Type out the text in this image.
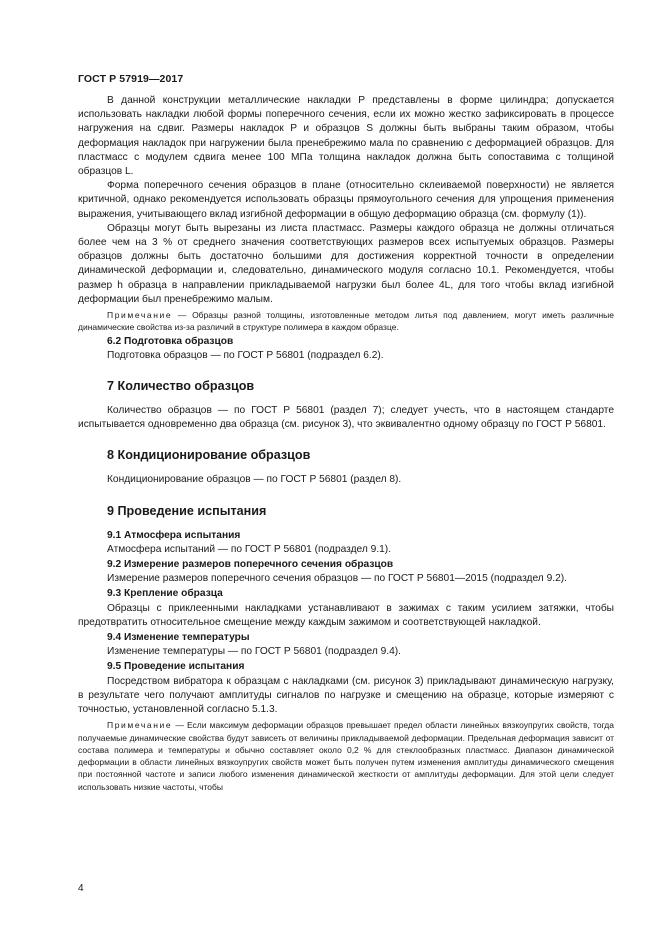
ГОСТ Р 57919—2017

В данной конструкции металлические накладки P представлены в форме цилиндра; допускается использовать накладки любой формы поперечного сечения, если их можно жестко зафиксировать в процессе нагружения на сдвиг. Размеры накладок P и образцов S должны быть выбраны таким образом, чтобы деформация накладок при нагружении была пренебрежимо мала по сравнению с деформацией образцов. Для пластмасс с модулем сдвига менее 100 МПа толщина накладок должна быть сопоставима с толщиной образцов L.

Форма поперечного сечения образцов в плане (относительно склеиваемой поверхности) не является критичной, однако рекомендуется использовать образцы прямоугольного сечения для упрощения применения выражения, учитывающего вклад изгибной деформации в общую деформацию образца (см. формулу (1)).

Образцы могут быть вырезаны из листа пластмасс. Размеры каждого образца не должны отличаться более чем на 3 % от среднего значения соответствующих размеров всех испытуемых образцов. Размеры образцов должны быть достаточно большими для достижения корректной точности в определении динамической деформации и, следовательно, динамического модуля согласно 10.1. Рекомендуется, чтобы размер h образца в направлении прикладываемой нагрузки был более 4L, для того чтобы вклад изгибной деформации был пренебрежимо малым.

Примечание — Образцы разной толщины, изготовленные методом литья под давлением, могут иметь различные динамические свойства из-за различий в структуре полимера в каждом образце.

6.2 Подготовка образцов

Подготовка образцов — по ГОСТ Р 56801 (подраздел 6.2).

7 Количество образцов

Количество образцов — по ГОСТ Р 56801 (раздел 7); следует учесть, что в настоящем стандарте испытывается одновременно два образца (см. рисунок 3), что эквивалентно одному образцу по ГОСТ Р 56801.

8 Кондиционирование образцов

Кондиционирование образцов — по ГОСТ Р 56801 (раздел 8).

9 Проведение испытания
9.1 Атмосфера испытания

Атмосфера испытаний — по ГОСТ Р 56801 (подраздел 9.1).

9.2 Измерение размеров поперечного сечения образцов

Измерение размеров поперечного сечения образцов — по ГОСТ Р 56801—2015 (подраздел 9.2).

9.3 Крепление образца

Образцы с приклеенными накладками устанавливают в зажимах с таким усилием затяжки, чтобы предотвратить относительное смещение между каждым зажимом и соответствующей накладкой.

9.4 Изменение температуры

Изменение температуры — по ГОСТ Р 56801 (подраздел 9.4).

9.5 Проведение испытания

Посредством вибратора к образцам с накладками (см. рисунок 3) прикладывают динамическую нагрузку, в результате чего получают амплитуды сигналов по нагрузке и смещению на образце, которые измеряют с точностью, установленной согласно 5.1.3.

Примечание — Если максимум деформации образцов превышает предел области линейных вязкоупругих свойств, тогда получаемые динамические свойства будут зависеть от величины прикладываемой деформации. Предельная деформация зависит от состава полимера и температуры и обычно составляет около 0,2 % для стеклообразных пластмасс. Диапазон динамической деформации в области линейных вязкоупругих свойств может быть получен путем изменения амплитуды динамического смещения при постоянной частоте и записи любого изменения динамической жесткости от амплитуды деформации. Для этой цели следует использовать низкие частоты, чтобы

4
